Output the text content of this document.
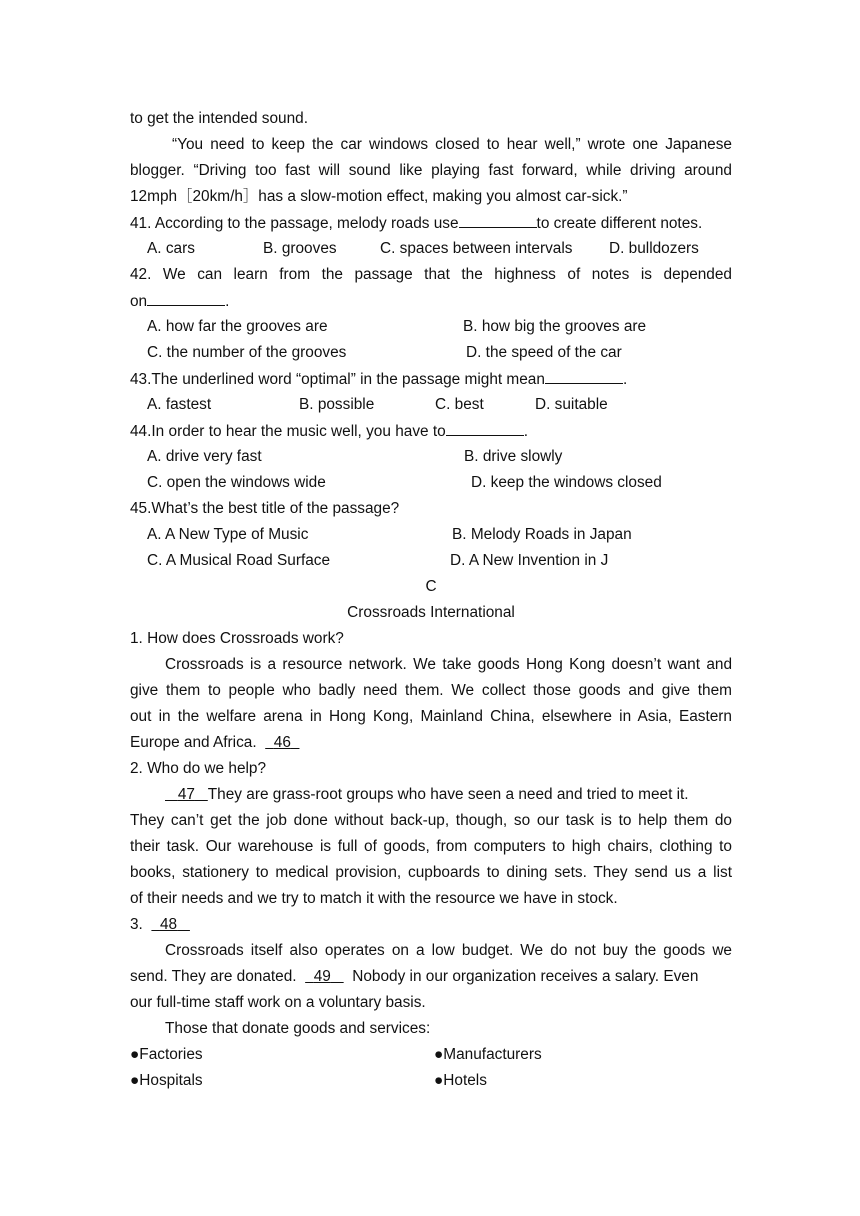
to get the intended sound.
“You need to keep the car windows closed to hear well,” wrote one Japanese
blogger. “Driving too fast will sound like playing fast forward, while driving around
12mph［20km/h］has a slow-motion effect, making you almost car-sick.”
41. According to the passage, melody roads use	to create different notes.
A. cars	B. grooves	C. spaces between intervals D. bulldozers
42. We can learn from the passage that the highness of notes is depended
on	.
A. how far the grooves are	B. how big the grooves are
C. the number of the grooves	D. the speed of the car
43.The underlined word “optimal” in the passage might mean	.
A. fastest	B. possible	C. best	D. suitable
44.In order to hear the music well, you have to	.
A. drive very fast	B. drive slowly
C. open the windows wide	D. keep the windows closed
45.What’s the best title of the passage?
A. A New Type of Music	B. Melody Roads in Japan
C. A Musical Road Surface	D. A New Invention in J
C
Crossroads International
1. How does Crossroads work?
Crossroads is a resource network. We take goods Hong Kong doesn’t want and
give them to people who badly need them. We collect those goods and give them
out in the welfare arena in Hong Kong, Mainland China, elsewhere in Asia, Eastern
Europe and Africa. 46
2. Who do we help?
47 They are grass-root groups who have seen a need and tried to meet it.
They can’t get the job done without back-up, though, so our task is to help them do
their task. Our warehouse is full of goods, from computers to high chairs, clothing to
books, stationery to medical provision, cupboards to dining sets. They send us a list
of their needs and we try to match it with the resource we have in stock.
3. 48
Crossroads itself also operates on a low budget. We do not buy the goods we
send. They are donated. 49 Nobody in our organization receives a salary. Even
our full-time staff work on a voluntary basis.
Those that donate goods and services:
●Factories	●Manufacturers
●Hospitals	●Hotels
